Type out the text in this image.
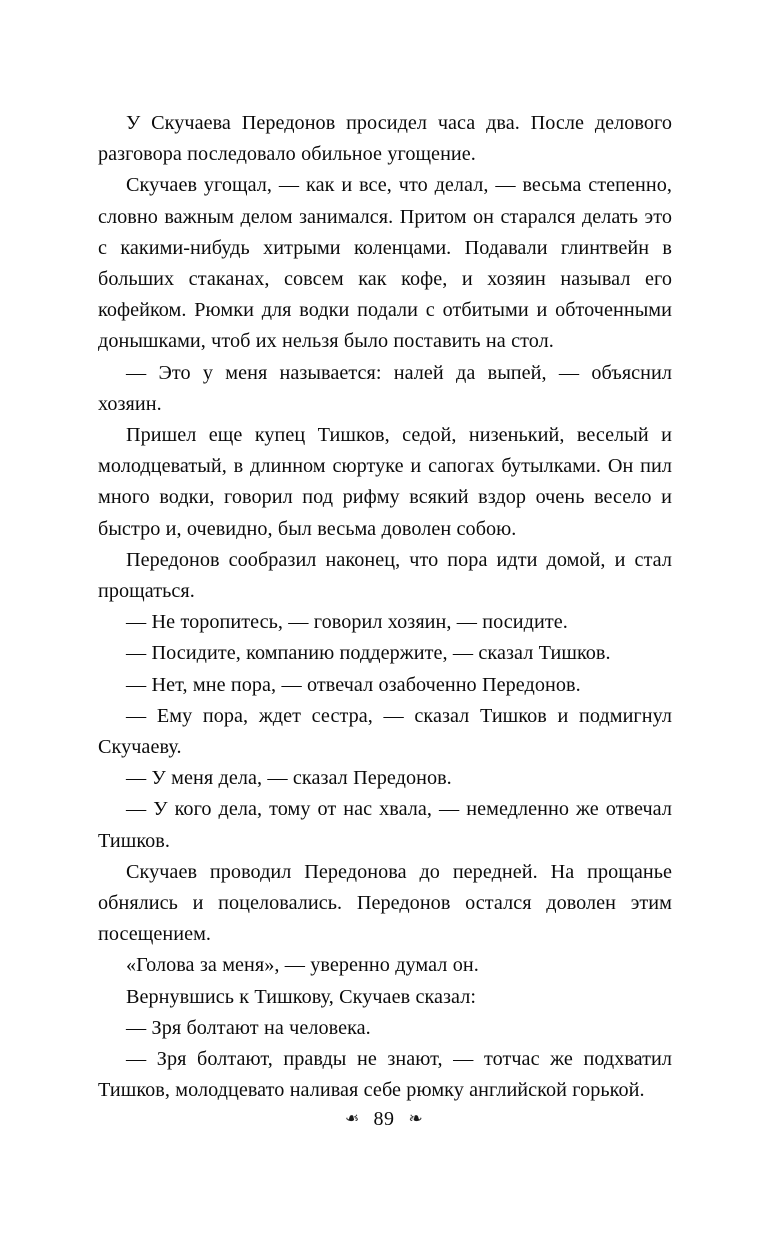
У Скучаева Передонов просидел часа два. После делового разговора последовало обильное угощение.

Скучаев угощал, — как и все, что делал, — весьма степенно, словно важным делом занимался. Притом он старался делать это с какими-нибудь хитрыми коленцами. Подавали глинтвейн в больших стаканах, совсем как кофе, и хозяин называл его кофейком. Рюмки для водки подали с отбитыми и обточенными донышками, чтоб их нельзя было поставить на стол.

— Это у меня называется: налей да выпей, — объяснил хозяин.

Пришел еще купец Тишков, седой, низенький, веселый и молодцеватый, в длинном сюртуке и сапогах бутылками. Он пил много водки, говорил под рифму всякий вздор очень весело и быстро и, очевидно, был весьма доволен собою.

Передонов сообразил наконец, что пора идти домой, и стал прощаться.

— Не торопитесь, — говорил хозяин, — посидите.

— Посидите, компанию поддержите, — сказал Тишков.

— Нет, мне пора, — отвечал озабоченно Передонов.

— Ему пора, ждет сестра, — сказал Тишков и подмигнул Скучаеву.

— У меня дела, — сказал Передонов.

— У кого дела, тому от нас хвала, — немедленно же отвечал Тишков.

Скучаев проводил Передонова до передней. На прощанье обнялись и поцеловались. Передонов остался доволен этим посещением.

«Голова за меня», — уверенно думал он.

Вернувшись к Тишкову, Скучаев сказал:

— Зря болтают на человека.

— Зря болтают, правды не знают, — тотчас же подхватил Тишков, молодцевато наливая себе рюмку английской горькой.

❧ 89 ❧
